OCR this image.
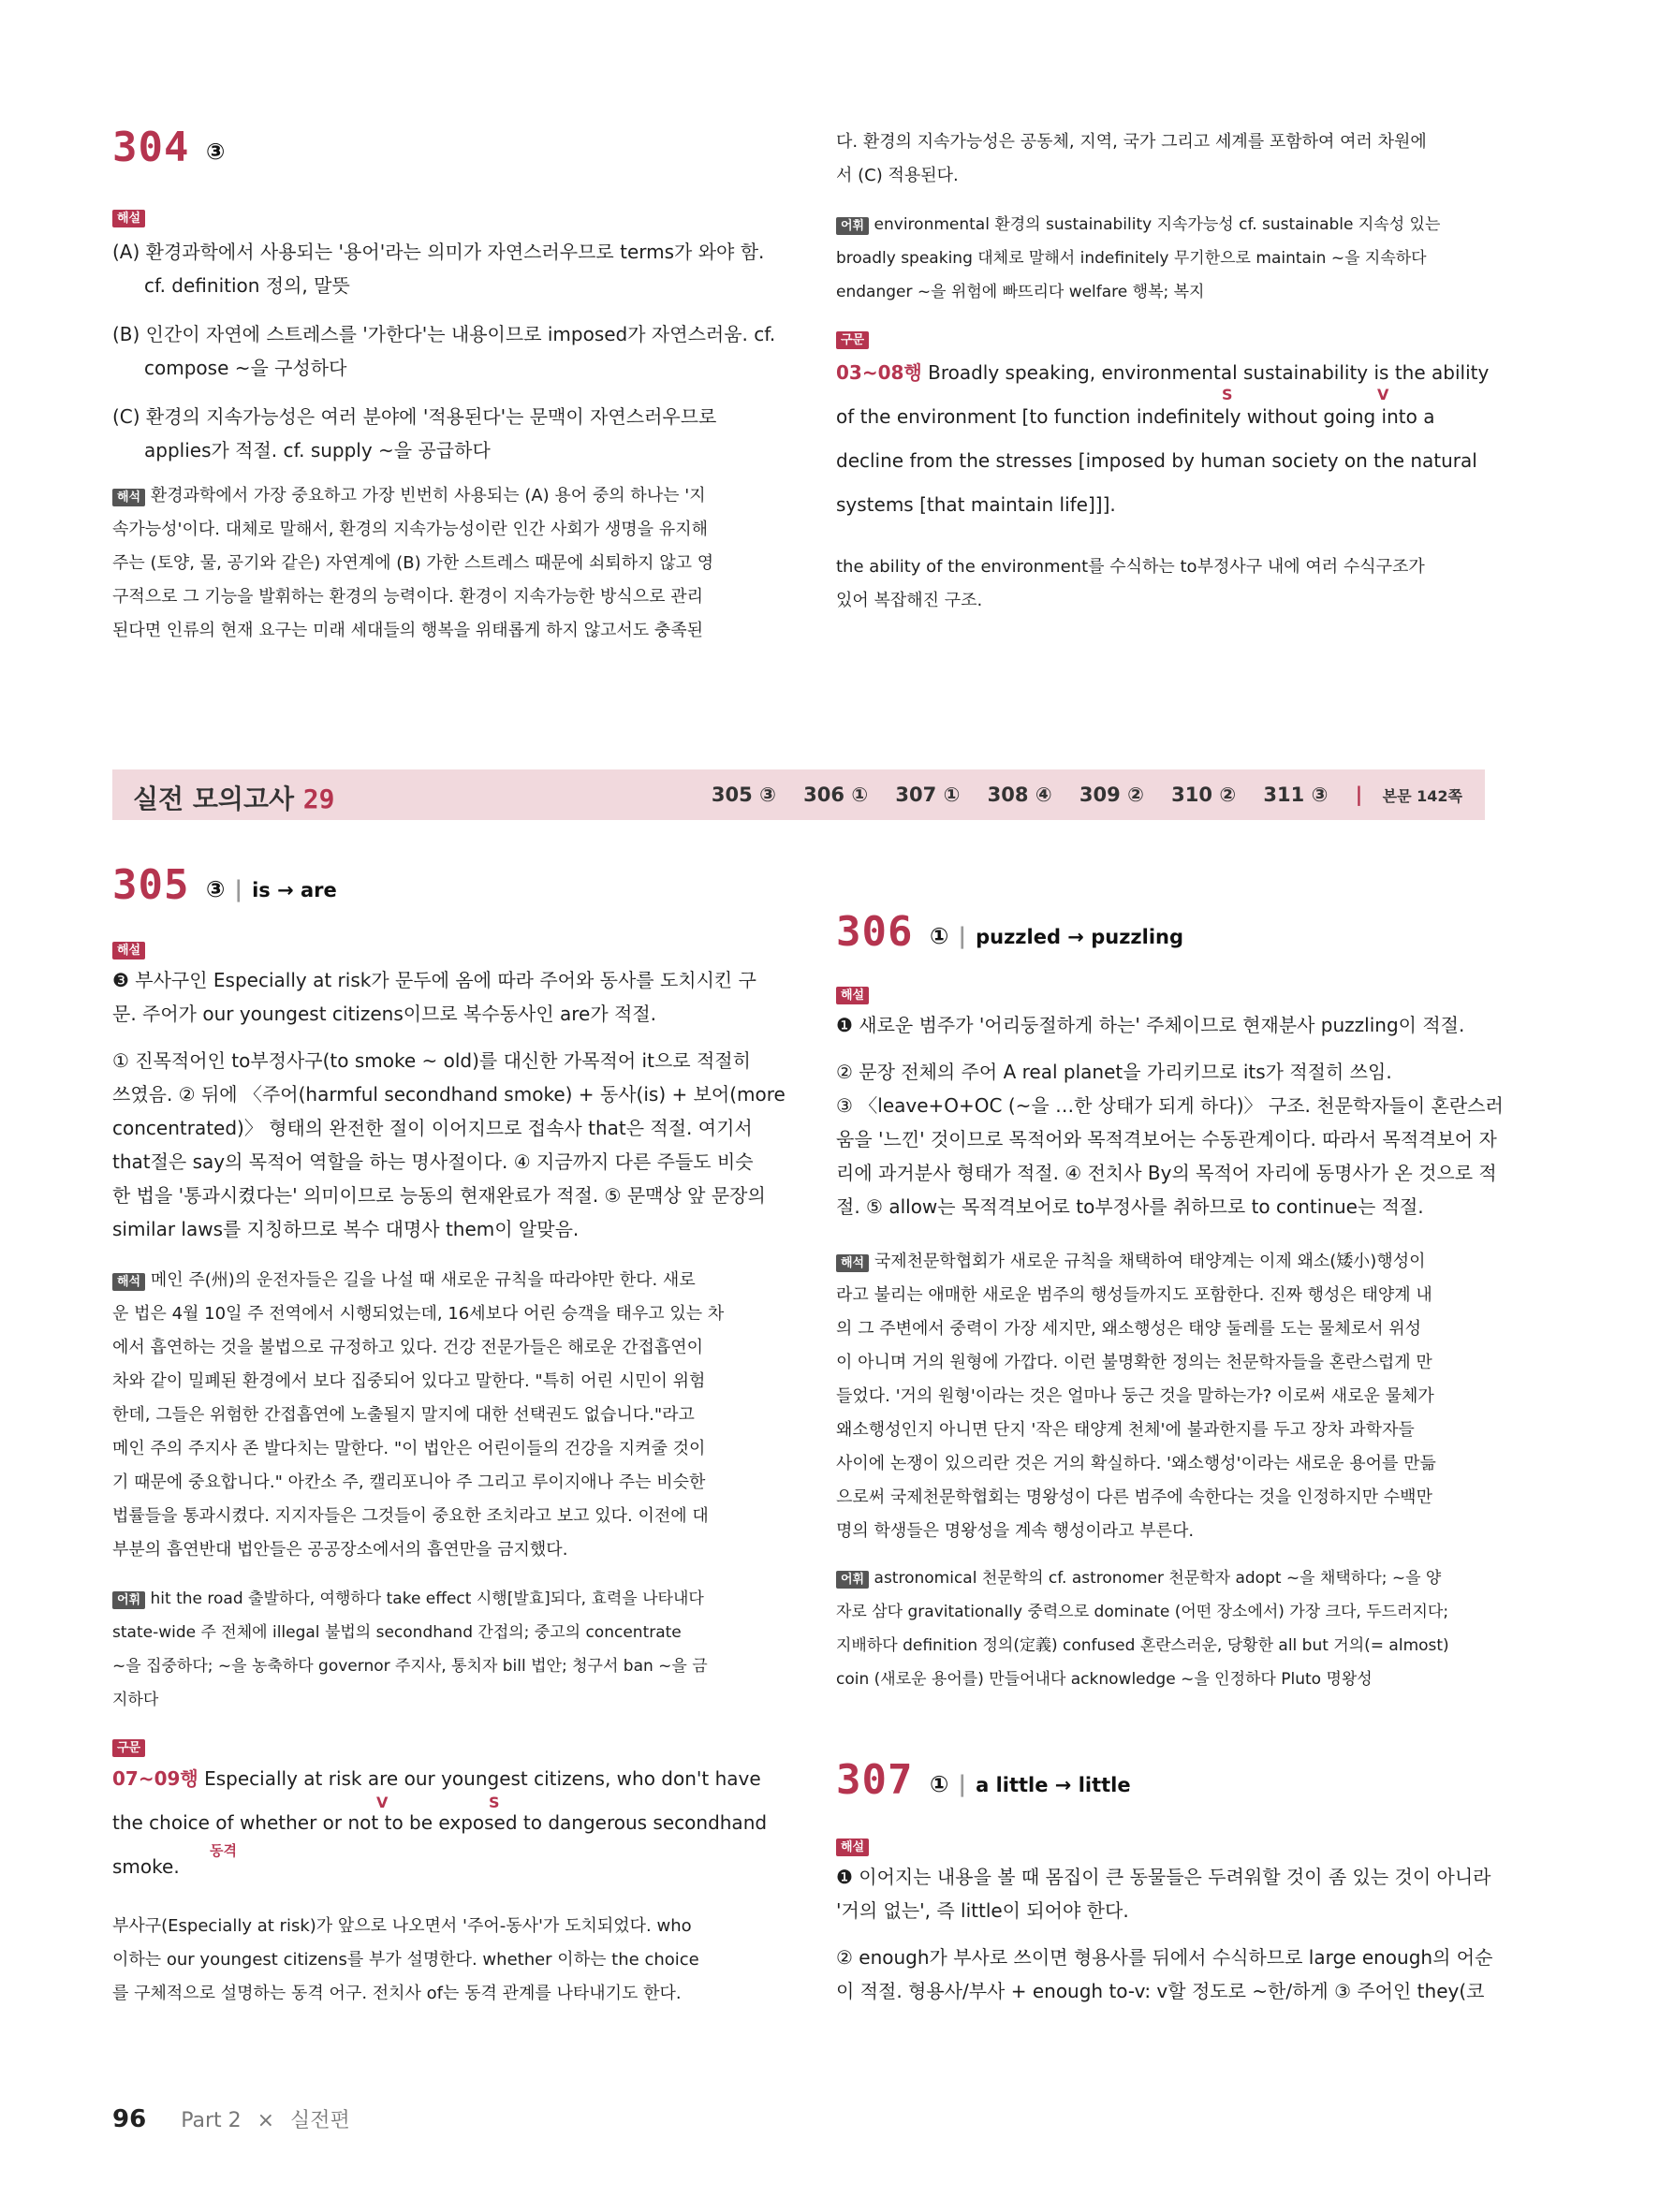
304 ③
해설
(A) 환경과학에서 사용되는 '용어'라는 의미가 자연스러우므로 terms가 와야 함.
cf. definition 정의, 말뜻
(B) 인간이 자연에 스트레스를 '가한다'는 내용이므로 imposed가 자연스러움. cf.
compose ~을 구성하다
(C) 환경의 지속가능성은 여러 분야에 '적용된다'는 문맥이 자연스러우므로
applies가 적절. cf. supply ~을 공급하다
해석 환경과학에서 가장 중요하고 가장 빈번히 사용되는 (A) 용어 중의 하나는 '지
속가능성'이다. 대체로 말해서, 환경의 지속가능성이란 인간 사회가 생명을 유지해
주는 (토양, 물, 공기와 같은) 자연계에 (B) 가한 스트레스 때문에 쇠퇴하지 않고 영
구적으로 그 기능을 발휘하는 환경의 능력이다. 환경이 지속가능한 방식으로 관리
된다면 인류의 현재 요구는 미래 세대들의 행복을 위태롭게 하지 않고서도 충족된
다. 환경의 지속가능성은 공동체, 지역, 국가 그리고 세계를 포함하여 여러 차원에
서 (C) 적용된다.
어휘 environmental 환경의 sustainability 지속가능성 cf. sustainable 지속성 있는
broadly speaking 대체로 말해서 indefinitely 무기한으로 maintain ~을 지속하다
endanger ~을 위험에 빠뜨리다 welfare 행복; 복지
구문
03~08행 Broadly speaking, environmental sustainability is the ability
of the environment [to function indefinitely without going into a
decline from the stresses [imposed by human society on the natural
systems [that maintain life]]].
S	V
the ability of the environment를 수식하는 to부정사구 내에 여러 수식구조가
있어 복잡해진 구조.
실전 모의고사 29	305 ③ 306 ① 307 ① 308 ④ 309 ② 310 ② 311 ③ | 본문 142쪽
305 ③ | is → are
해설
❸ 부사구인 Especially at risk가 문두에 옴에 따라 주어와 동사를 도치시킨 구
문. 주어가 our youngest citizens이므로 복수동사인 are가 적절.
① 진목적어인 to부정사구(to smoke ~ old)를 대신한 가목적어 it으로 적절히
쓰였음. ② 뒤에 〈주어(harmful secondhand smoke) + 동사(is) + 보어(more
concentrated)〉 형태의 완전한 절이 이어지므로 접속사 that은 적절. 여기서
that절은 say의 목적어 역할을 하는 명사절이다. ④ 지금까지 다른 주들도 비슷
한 법을 '통과시켰다는' 의미이므로 능동의 현재완료가 적절. ⑤ 문맥상 앞 문장의
similar laws를 지칭하므로 복수 대명사 them이 알맞음.
해석 메인 주(州)의 운전자들은 길을 나설 때 새로운 규칙을 따라야만 한다. 새로
운 법은 4월 10일 주 전역에서 시행되었는데, 16세보다 어린 승객을 태우고 있는 차
에서 흡연하는 것을 불법으로 규정하고 있다. 건강 전문가들은 해로운 간접흡연이
차와 같이 밀폐된 환경에서 보다 집중되어 있다고 말한다. "특히 어린 시민이 위험
한데, 그들은 위험한 간접흡연에 노출될지 말지에 대한 선택권도 없습니다."라고
메인 주의 주지사 존 발다치는 말한다. "이 법안은 어린이들의 건강을 지켜줄 것이
기 때문에 중요합니다." 아칸소 주, 캘리포니아 주 그리고 루이지애나 주는 비슷한
법률들을 통과시켰다. 지지자들은 그것들이 중요한 조치라고 보고 있다. 이전에 대
부분의 흡연반대 법안들은 공공장소에서의 흡연만을 금지했다.
어휘 hit the road 출발하다, 여행하다 take effect 시행[발효]되다, 효력을 나타내다
state-wide 주 전체에 illegal 불법의 secondhand 간접의; 중고의 concentrate
~을 집중하다; ~을 농축하다 governor 주지사, 통치자 bill 법안; 청구서 ban ~을 금
지하다
구문
07~09행 Especially at risk are our youngest citizens, who don't have
the choice of whether or not to be exposed to dangerous secondhand
smoke.
V	S
동격
부사구(Especially at risk)가 앞으로 나오면서 '주어-동사'가 도치되었다. who
이하는 our youngest citizens를 부가 설명한다. whether 이하는 the choice
를 구체적으로 설명하는 동격 어구. 전치사 of는 동격 관계를 나타내기도 한다.
306 ① | puzzled → puzzling
해설
❶ 새로운 범주가 '어리둥절하게 하는' 주체이므로 현재분사 puzzling이 적절.
② 문장 전체의 주어 A real planet을 가리키므로 its가 적절히 쓰임.
③ 〈leave+O+OC (~을 …한 상태가 되게 하다)〉 구조. 천문학자들이 혼란스러
움을 '느낀' 것이므로 목적어와 목적격보어는 수동관계이다. 따라서 목적격보어 자
리에 과거분사 형태가 적절. ④ 전치사 By의 목적어 자리에 동명사가 온 것으로 적
절. ⑤ allow는 목적격보어로 to부정사를 취하므로 to continue는 적절.
해석 국제천문학협회가 새로운 규칙을 채택하여 태양계는 이제 왜소(矮小)행성이
라고 불리는 애매한 새로운 범주의 행성들까지도 포함한다. 진짜 행성은 태양계 내
의 그 주변에서 중력이 가장 세지만, 왜소행성은 태양 둘레를 도는 물체로서 위성
이 아니며 거의 원형에 가깝다. 이런 불명확한 정의는 천문학자들을 혼란스럽게 만
들었다. '거의 원형'이라는 것은 얼마나 둥근 것을 말하는가? 이로써 새로운 물체가
왜소행성인지 아니면 단지 '작은 태양계 천체'에 불과한지를 두고 장차 과학자들
사이에 논쟁이 있으리란 것은 거의 확실하다. '왜소행성'이라는 새로운 용어를 만듦
으로써 국제천문학협회는 명왕성이 다른 범주에 속한다는 것을 인정하지만 수백만
명의 학생들은 명왕성을 계속 행성이라고 부른다.
어휘 astronomical 천문학의 cf. astronomer 천문학자 adopt ~을 채택하다; ~을 양
자로 삼다 gravitationally 중력으로 dominate (어떤 장소에서) 가장 크다, 두드러지다;
지배하다 definition 정의(定義) confused 혼란스러운, 당황한 all but 거의(= almost)
coin (새로운 용어를) 만들어내다 acknowledge ~을 인정하다 Pluto 명왕성
307 ① | a little → little
해설
❶ 이어지는 내용을 볼 때 몸집이 큰 동물들은 두려워할 것이 좀 있는 것이 아니라
'거의 없는', 즉 little이 되어야 한다.
② enough가 부사로 쓰이면 형용사를 뒤에서 수식하므로 large enough의 어순
이 적절. 형용사/부사 + enough to-v: v할 정도로 ~한/하게 ③ 주어인 they(코
96 Part 2 × 실전편
